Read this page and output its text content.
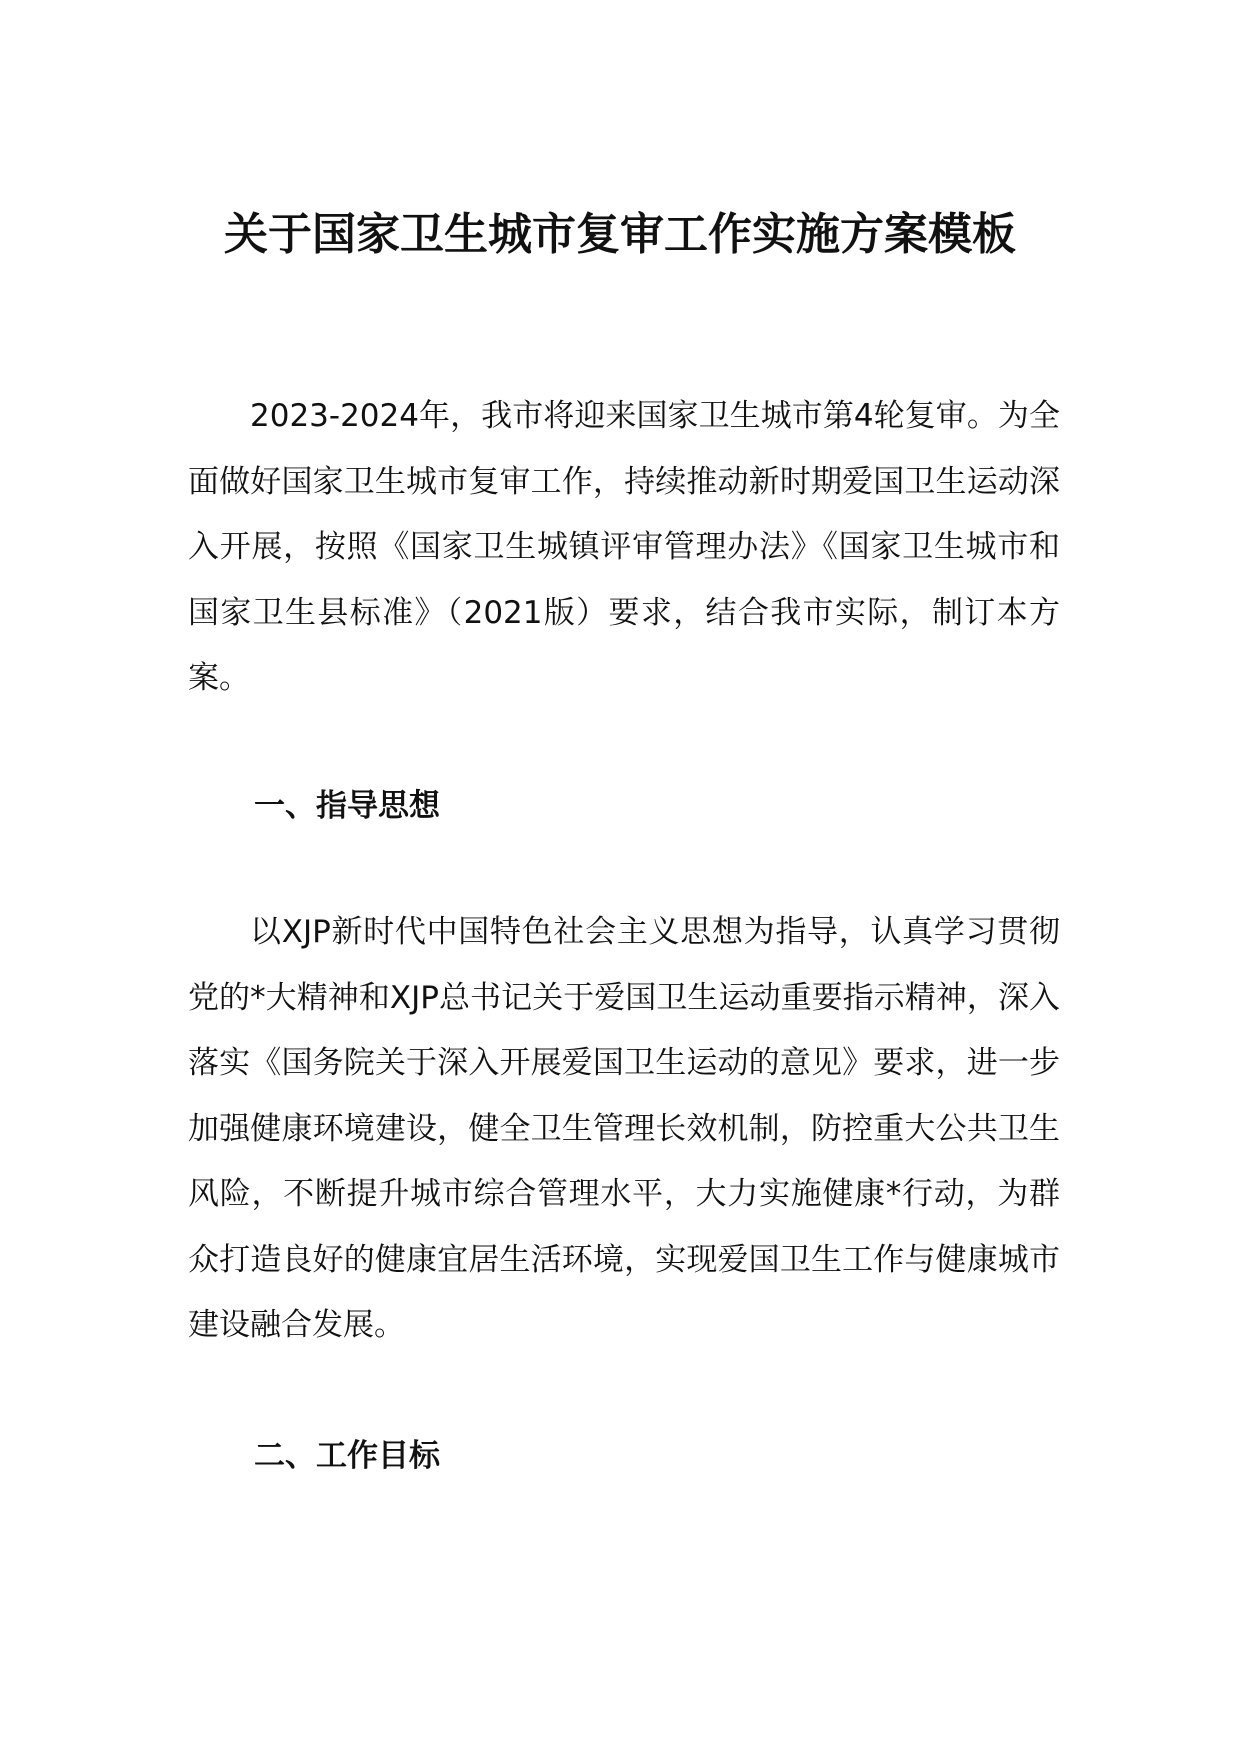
关于国家卫生城市复审工作实施方案模板

2023-2024年，我市将迎来国家卫生城市第4轮复审。为全面做好国家卫生城市复审工作，持续推动新时期爱国卫生运动深入开展，按照《国家卫生城镇评审管理办法》《国家卫生城市和国家卫生县标准》（2021版）要求，结合我市实际，制订本方案。

一、指导思想

以XJP新时代中国特色社会主义思想为指导，认真学习贯彻党的*大精神和XJP总书记关于爱国卫生运动重要指示精神，深入落实《国务院关于深入开展爱国卫生运动的意见》要求，进一步加强健康环境建设，健全卫生管理长效机制，防控重大公共卫生风险，不断提升城市综合管理水平，大力实施健康*行动，为群众打造良好的健康宜居生活环境，实现爱国卫生工作与健康城市建设融合发展。

二、工作目标
